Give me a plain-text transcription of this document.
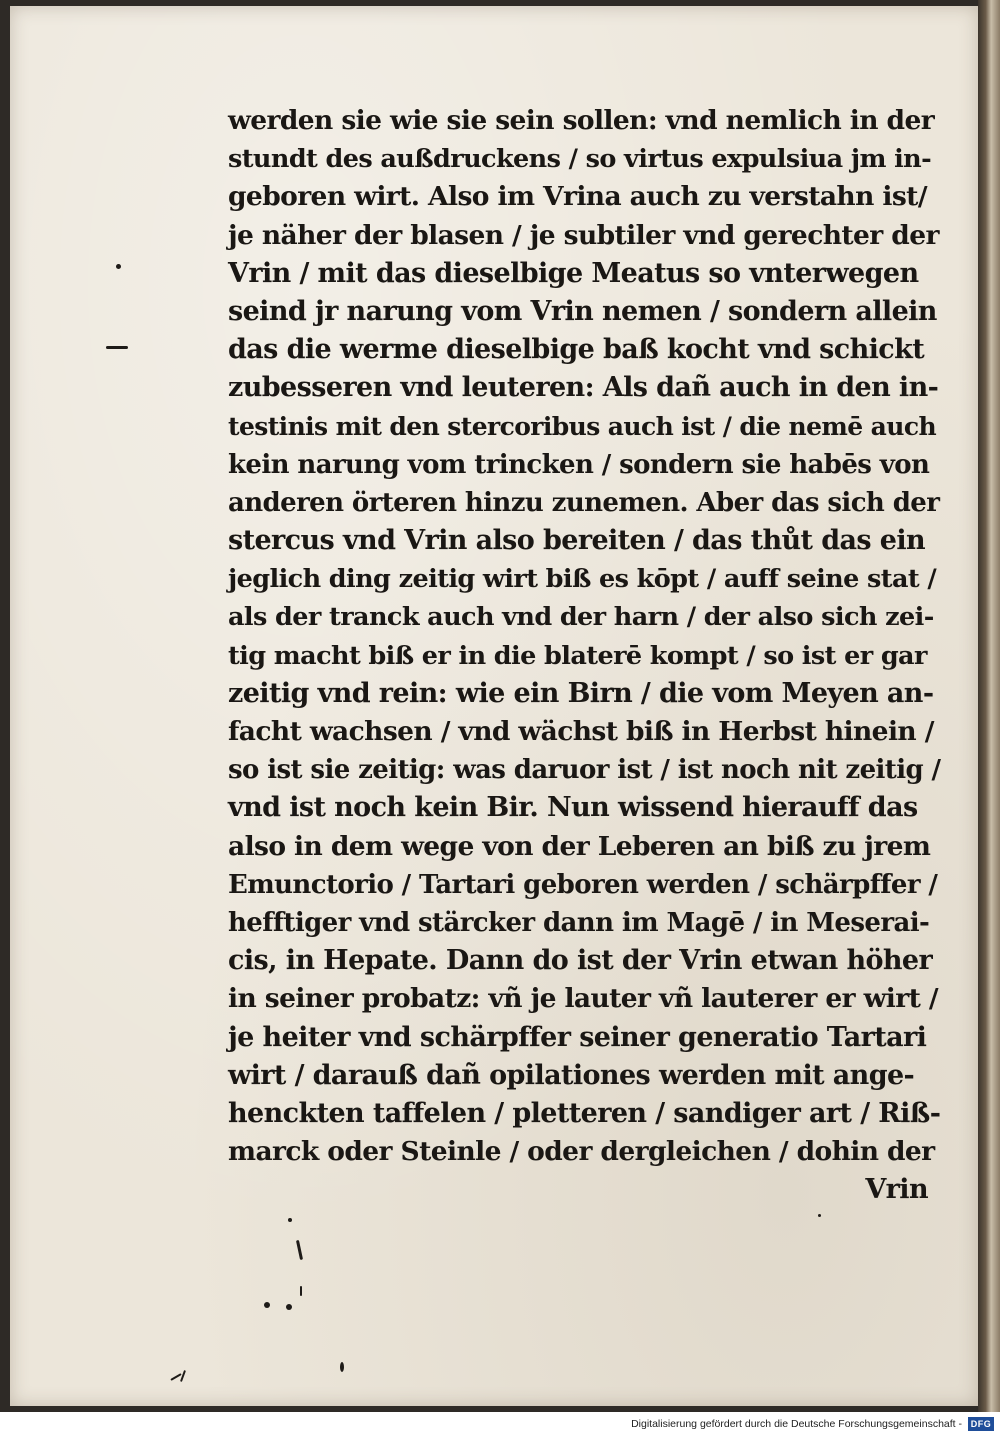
werden sie wie sie sein sollen: vnd nemlich in der
stundt des außdruckens / so virtus expulsiua jm in-
geboren wirt. Also im Vrina auch zu verstahn ist/
je näher der blasen / je subtiler vnd gerechter der
Vrin / mit das dieselbige Meatus so vnterwegen
seind jr narung vom Vrin nemen / sondern allein
das die werme dieselbige baß kocht vnd schickt
zubesseren vnd leuteren: Als dañ auch in den in-
testinis mit den stercoribus auch ist / die nemē auch
kein narung vom trincken / sondern sie habēs von
anderen örteren hinzu zunemen. Aber das sich der
stercus vnd Vrin also bereiten / das thůt das ein
jeglich ding zeitig wirt biß es kōpt / auff seine stat /
als der tranck auch vnd der harn / der also sich zei-
tig macht biß er in die blaterē kompt / so ist er gar
zeitig vnd rein: wie ein Birn / die vom Meyen an-
facht wachsen / vnd wächst biß in Herbst hinein /
so ist sie zeitig: was daruor ist / ist noch nit zeitig /
vnd ist noch kein Bir. Nun wissend hierauff das
also in dem wege von der Leberen an biß zu jrem
Emunctorio / Tartari geboren werden / schärpffer /
hefftiger vnd stärcker dann im Magē / in Meserai-
cis, in Hepate. Dann do ist der Vrin etwan höher
in seiner probatz: vñ je lauter vñ lauterer er wirt /
je heiter vnd schärpffer seiner generatio Tartari
wirt / darauß dañ opilationes werden mit ange-
henckten taffelen / pletteren / sandiger art / Riß-
marck oder Steinle / oder dergleichen / dohin der
Vrin
Digitalisierung gefördert durch die Deutsche Forschungsgemeinschaft - DFG
